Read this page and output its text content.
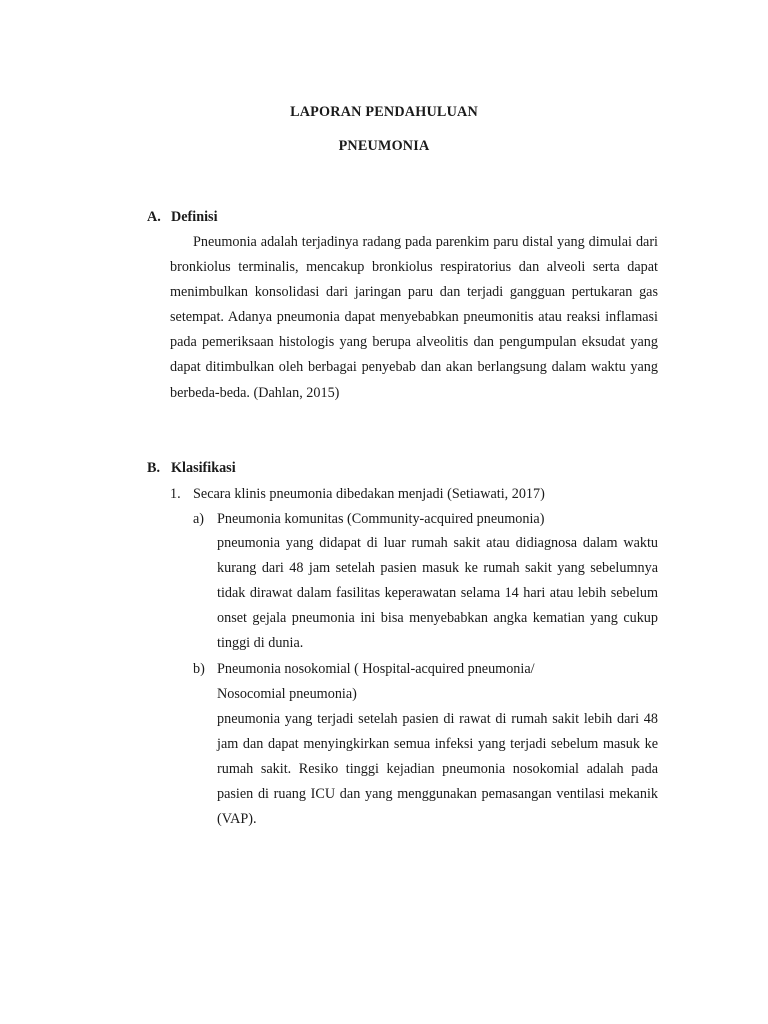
LAPORAN PENDAHULUAN
PNEUMONIA
A. Definisi
Pneumonia adalah terjadinya radang pada parenkim paru distal yang dimulai dari bronkiolus terminalis, mencakup bronkiolus respiratorius dan alveoli serta dapat menimbulkan konsolidasi dari jaringan paru dan terjadi gangguan pertukaran gas setempat. Adanya pneumonia dapat menyebabkan pneumonitis atau reaksi inflamasi pada pemeriksaan histologis yang berupa alveolitis dan pengumpulan eksudat yang dapat ditimbulkan oleh berbagai penyebab dan akan berlangsung dalam waktu yang berbeda-beda. (Dahlan, 2015)
B. Klasifikasi
1. Secara klinis pneumonia dibedakan menjadi (Setiawati, 2017)
a) Pneumonia komunitas (Community-acquired pneumonia)
pneumonia yang didapat di luar rumah sakit atau didiagnosa dalam waktu kurang dari 48 jam setelah pasien masuk ke rumah sakit yang sebelumnya tidak dirawat dalam fasilitas keperawatan selama 14 hari atau lebih sebelum onset gejala pneumonia ini bisa menyebabkan angka kematian yang cukup tinggi di dunia.
b) Pneumonia nosokomial ( Hospital-acquired pneumonia/
Nosocomial pneumonia)
pneumonia yang terjadi setelah pasien di rawat di rumah sakit lebih dari 48 jam dan dapat menyingkirkan semua infeksi yang terjadi sebelum masuk ke rumah sakit. Resiko tinggi kejadian pneumonia nosokomial adalah pada pasien di ruang ICU dan yang menggunakan pemasangan ventilasi mekanik (VAP).
